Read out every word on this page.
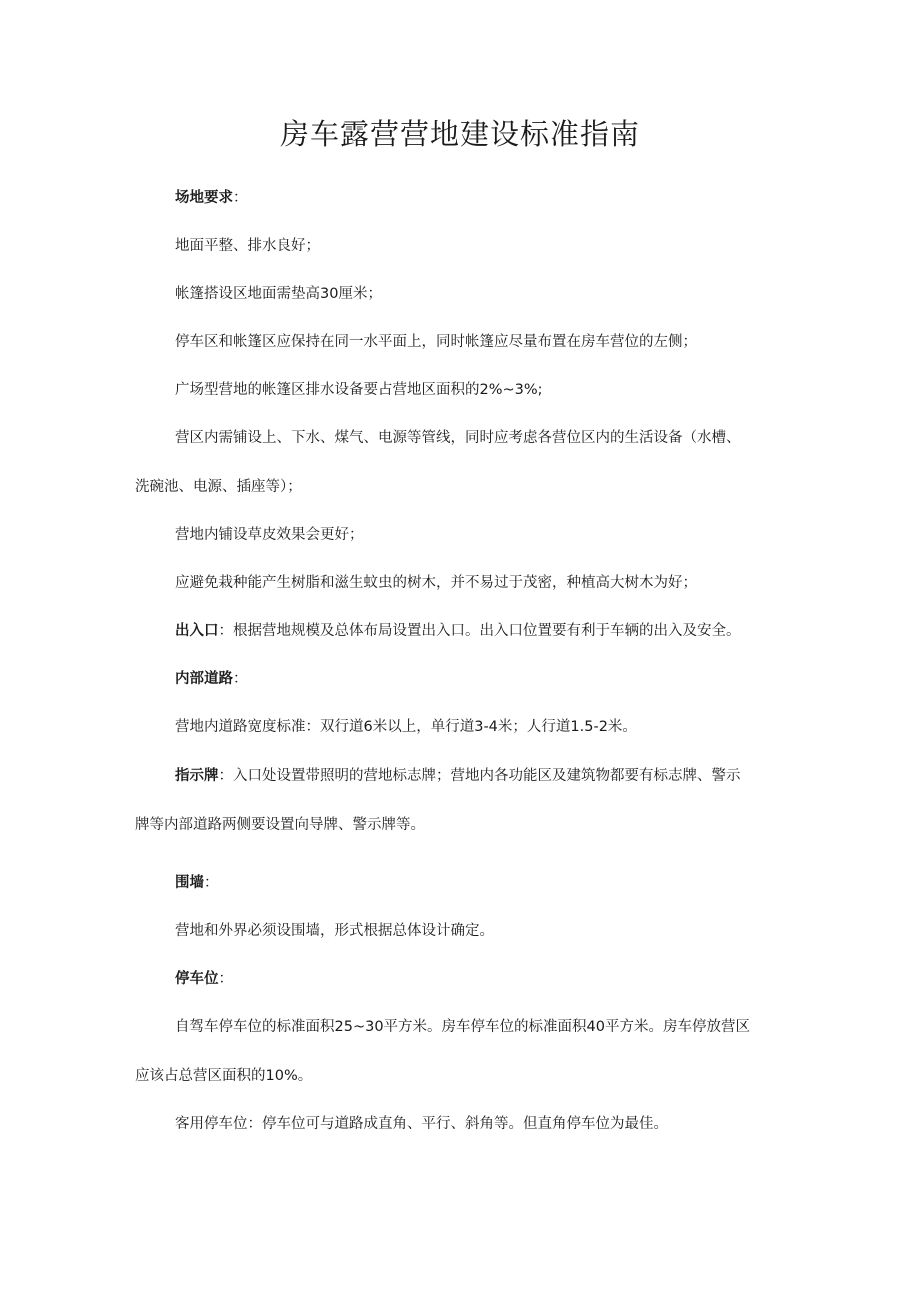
房车露营营地建设标准指南
场地要求：
地面平整、排水良好；
帐篷搭设区地面需垫高30厘米；
停车区和帐篷区应保持在同一水平面上，同时帐篷应尽量布置在房车营位的左侧；
广场型营地的帐篷区排水设备要占营地区面积的2%~3%;
营区内需铺设上、下水、煤气、电源等管线，同时应考虑各营位区内的生活设备（水槽、
洗碗池、电源、插座等）；
营地内铺设草皮效果会更好；
应避免栽种能产生树脂和滋生蚊虫的树木，并不易过于茂密，种植高大树木为好；
出入口：根据营地规模及总体布局设置出入口。出入口位置要有利于车辆的出入及安全。
内部道路：
营地内道路宽度标准：双行道6米以上，单行道3-4米；人行道1.5-2米。
指示牌：入口处设置带照明的营地标志牌；营地内各功能区及建筑物都要有标志牌、警示
牌等内部道路两侧要设置向导牌、警示牌等。
围墙：
营地和外界必须设围墙，形式根据总体设计确定。
停车位：
自驾车停车位的标准面积25~30平方米。房车停车位的标准面积40平方米。房车停放营区
应该占总营区面积的10%。
客用停车位：停车位可与道路成直角、平行、斜角等。但直角停车位为最佳。
